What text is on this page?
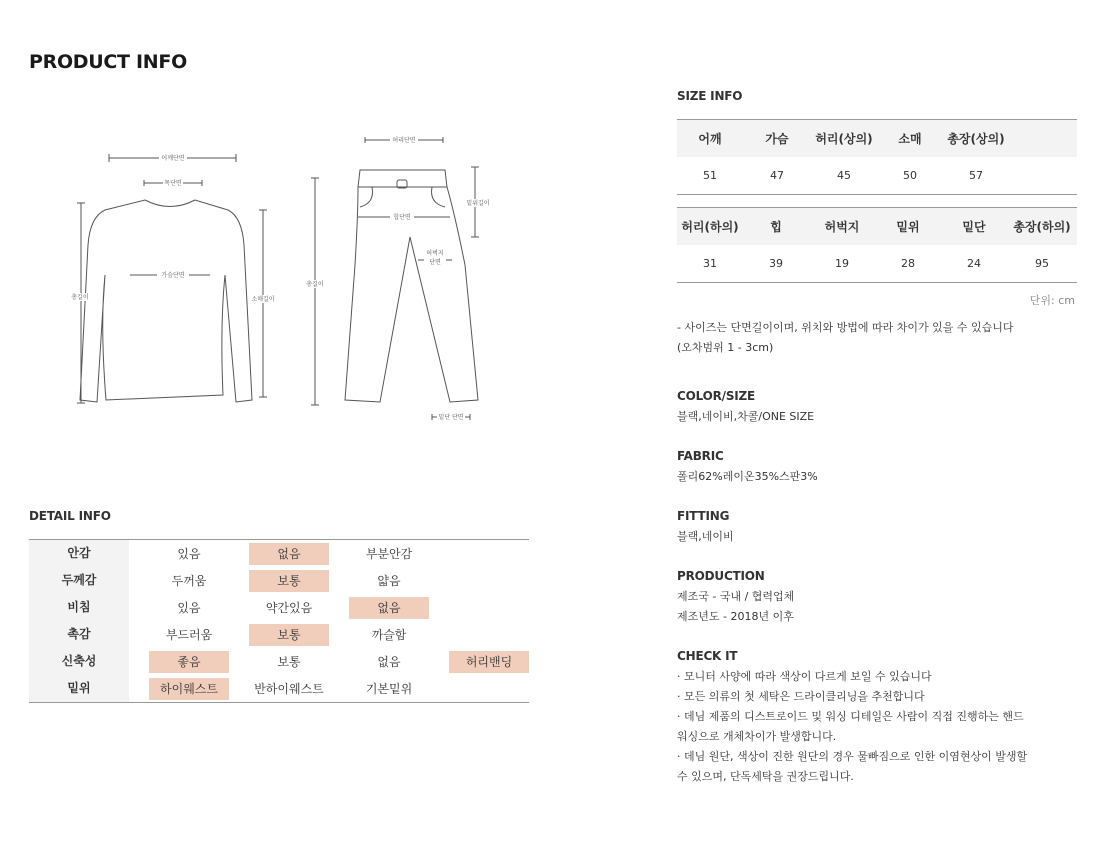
PRODUCT INFO
어깨단면
목단면
가슴단면
총길이	소매길이
허리단면
힙단면
밑위길이
허벅지
단면
총길이
밑단 단면
DETAIL INFO
안감	있음	없음	부분안감
두께감	두꺼움	보통	얇음
비침	있음	약간있음	없음
촉감	부드러움	보통	까슬함
신축성	좋음	보통	없음	허리밴딩
밑위	하이웨스트	반하이웨스트	기본밑위
SIZE INFO
어깨	가슴	허리(상의)	소매	총장(상의)
51	47	45	50	57
허리(하의)	힙	허벅지	밑위	밑단	총장(하의)
31	39	19	28	24	95
단위: cm
- 사이즈는 단면길이이며, 위치와 방법에 따라 차이가 있을 수 있습니다
(오차범위 1 - 3cm)
COLOR/SIZE
블랙,네이비,차콜/ONE SIZE
FABRIC
폴리62%레이온35%스판3%
FITTING
블랙,네이비
PRODUCTION
제조국 - 국내 / 협력업체
제조년도 - 2018년 이후
CHECK IT
· 모니터 사양에 따라 색상이 다르게 보일 수 있습니다
· 모든 의류의 첫 세탁은 드라이클리닝을 추천합니다
· 데님 제품의 디스트로이드 및 워싱 디테일은 사람이 직접 진행하는 핸드
워싱으로 개체차이가 발생합니다.
· 데님 원단, 색상이 진한 원단의 경우 물빠짐으로 인한 이염현상이 발생할
수 있으며, 단독세탁을 권장드립니다.
